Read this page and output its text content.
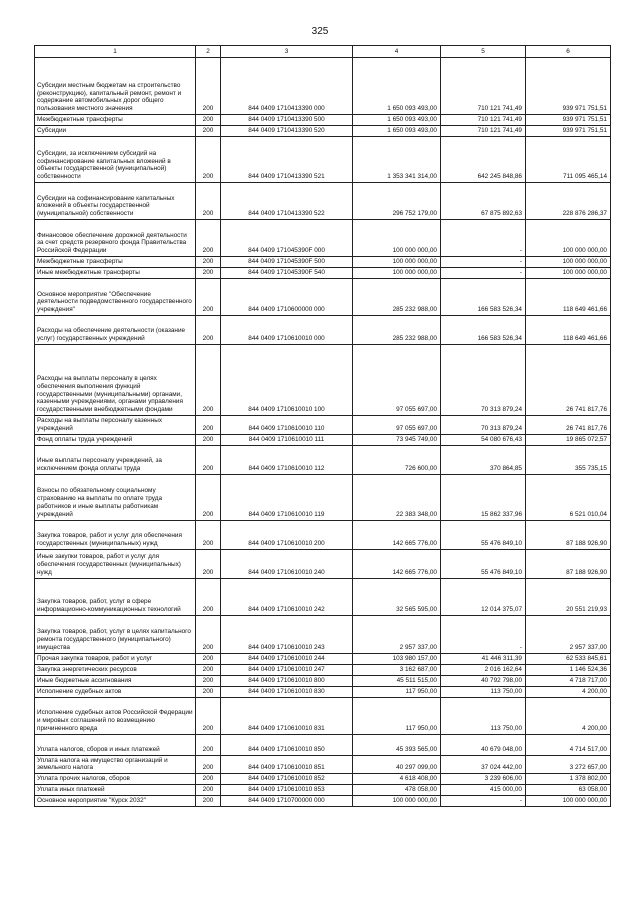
325
1	2	3	4	5	6
Субсидии местным бюджетам на строительство (реконструкцию), капитальный ремонт, ремонт и содержание автомобильных дорог общего пользования местного значения	200	844 0409 1710413390 000	1 650 093 493,00	710 121 741,49	939 971 751,51
Межбюджетные трансферты	200	844 0409 1710413390 500	1 650 093 493,00	710 121 741,49	939 971 751,51
Субсидии	200	844 0409 1710413390 520	1 650 093 493,00	710 121 741,49	939 971 751,51
Субсидии, за исключением субсидий на софинансирование капитальных вложений в объекты государственной (муниципальной) собственности	200	844 0409 1710413390 521	1 353 341 314,00	642 245 848,86	711 095 465,14
Субсидии на софинансирование капитальных вложений в объекты государственной (муниципальной) собственности	200	844 0409 1710413390 522	296 752 179,00	67 875 892,63	228 876 286,37
Финансовое обеспечение дорожной деятельности за счет средств резервного фонда Правительства Российской Федерации	200	844 0409 171045390F 000	100 000 000,00	-	100 000 000,00
Межбюджетные трансферты	200	844 0409 171045390F 500	100 000 000,00	-	100 000 000,00
Иные межбюджетные трансферты	200	844 0409 171045390F 540	100 000 000,00	-	100 000 000,00
Основное мероприятие "Обеспечение деятельности подведомственного государственного учреждения"	200	844 0409 1710600000 000	285 232 988,00	166 583 526,34	118 649 461,66
Расходы на обеспечение деятельности (оказание услуг) государственных учреждений	200	844 0409 1710610010 000	285 232 988,00	166 583 526,34	118 649 461,66
Расходы на выплаты персоналу в целях обеспечения выполнения функций государственными (муниципальными) органами, казенными учреждениями, органами управления государственными внебюджетными фондами	200	844 0409 1710610010 100	97 055 697,00	70 313 879,24	26 741 817,76
Расходы на выплаты персоналу казенных учреждений	200	844 0409 1710610010 110	97 055 697,00	70 313 879,24	26 741 817,76
Фонд оплаты труда учреждений	200	844 0409 1710610010 111	73 945 749,00	54 080 676,43	19 865 072,57
Иные выплаты персоналу учреждений, за исключением фонда оплаты труда	200	844 0409 1710610010 112	726 600,00	370 864,85	355 735,15
Взносы по обязательному социальному страхованию на выплаты по оплате труда работников и иные выплаты работникам учреждений	200	844 0409 1710610010 119	22 383 348,00	15 862 337,96	6 521 010,04
Закупка товаров, работ и услуг для обеспечения государственных (муниципальных) нужд	200	844 0409 1710610010 200	142 665 776,00	55 476 849,10	87 188 926,90
Иные закупки товаров, работ и услуг для обеспечения государственных (муниципальных) нужд	200	844 0409 1710610010 240	142 665 776,00	55 476 849,10	87 188 926,90
Закупка товаров, работ, услуг в сфере информационно-коммуникационных технологий	200	844 0409 1710610010 242	32 565 595,00	12 014 375,07	20 551 219,93
Закупка товаров, работ, услуг в целях капитального ремонта государственного (муниципального) имущества	200	844 0409 1710610010 243	2 957 337,00	-	2 957 337,00
Прочая закупка товаров, работ и услуг	200	844 0409 1710610010 244	103 980 157,00	41 446 311,39	62 533 845,61
Закупка энергетических ресурсов	200	844 0409 1710610010 247	3 162 687,00	2 016 162,64	1 146 524,36
Иные бюджетные ассигнования	200	844 0409 1710610010 800	45 511 515,00	40 792 798,00	4 718 717,00
Исполнение судебных актов	200	844 0409 1710610010 830	117 950,00	113 750,00	4 200,00
Исполнение судебных актов Российской Федерации и мировых соглашений по возмещению причиненного вреда	200	844 0409 1710610010 831	117 950,00	113 750,00	4 200,00
Уплата налогов, сборов и иных платежей	200	844 0409 1710610010 850	45 393 565,00	40 679 048,00	4 714 517,00
Уплата налога на имущество организаций и земельного налога	200	844 0409 1710610010 851	40 297 099,00	37 024 442,00	3 272 657,00
Уплата прочих налогов, сборов	200	844 0409 1710610010 852	4 618 408,00	3 239 606,00	1 378 802,00
Уплата иных платежей	200	844 0409 1710610010 853	478 058,00	415 000,00	63 058,00
Основное мероприятие "Курск 2032"	200	844 0409 1710700000 000	100 000 000,00	-	100 000 000,00
